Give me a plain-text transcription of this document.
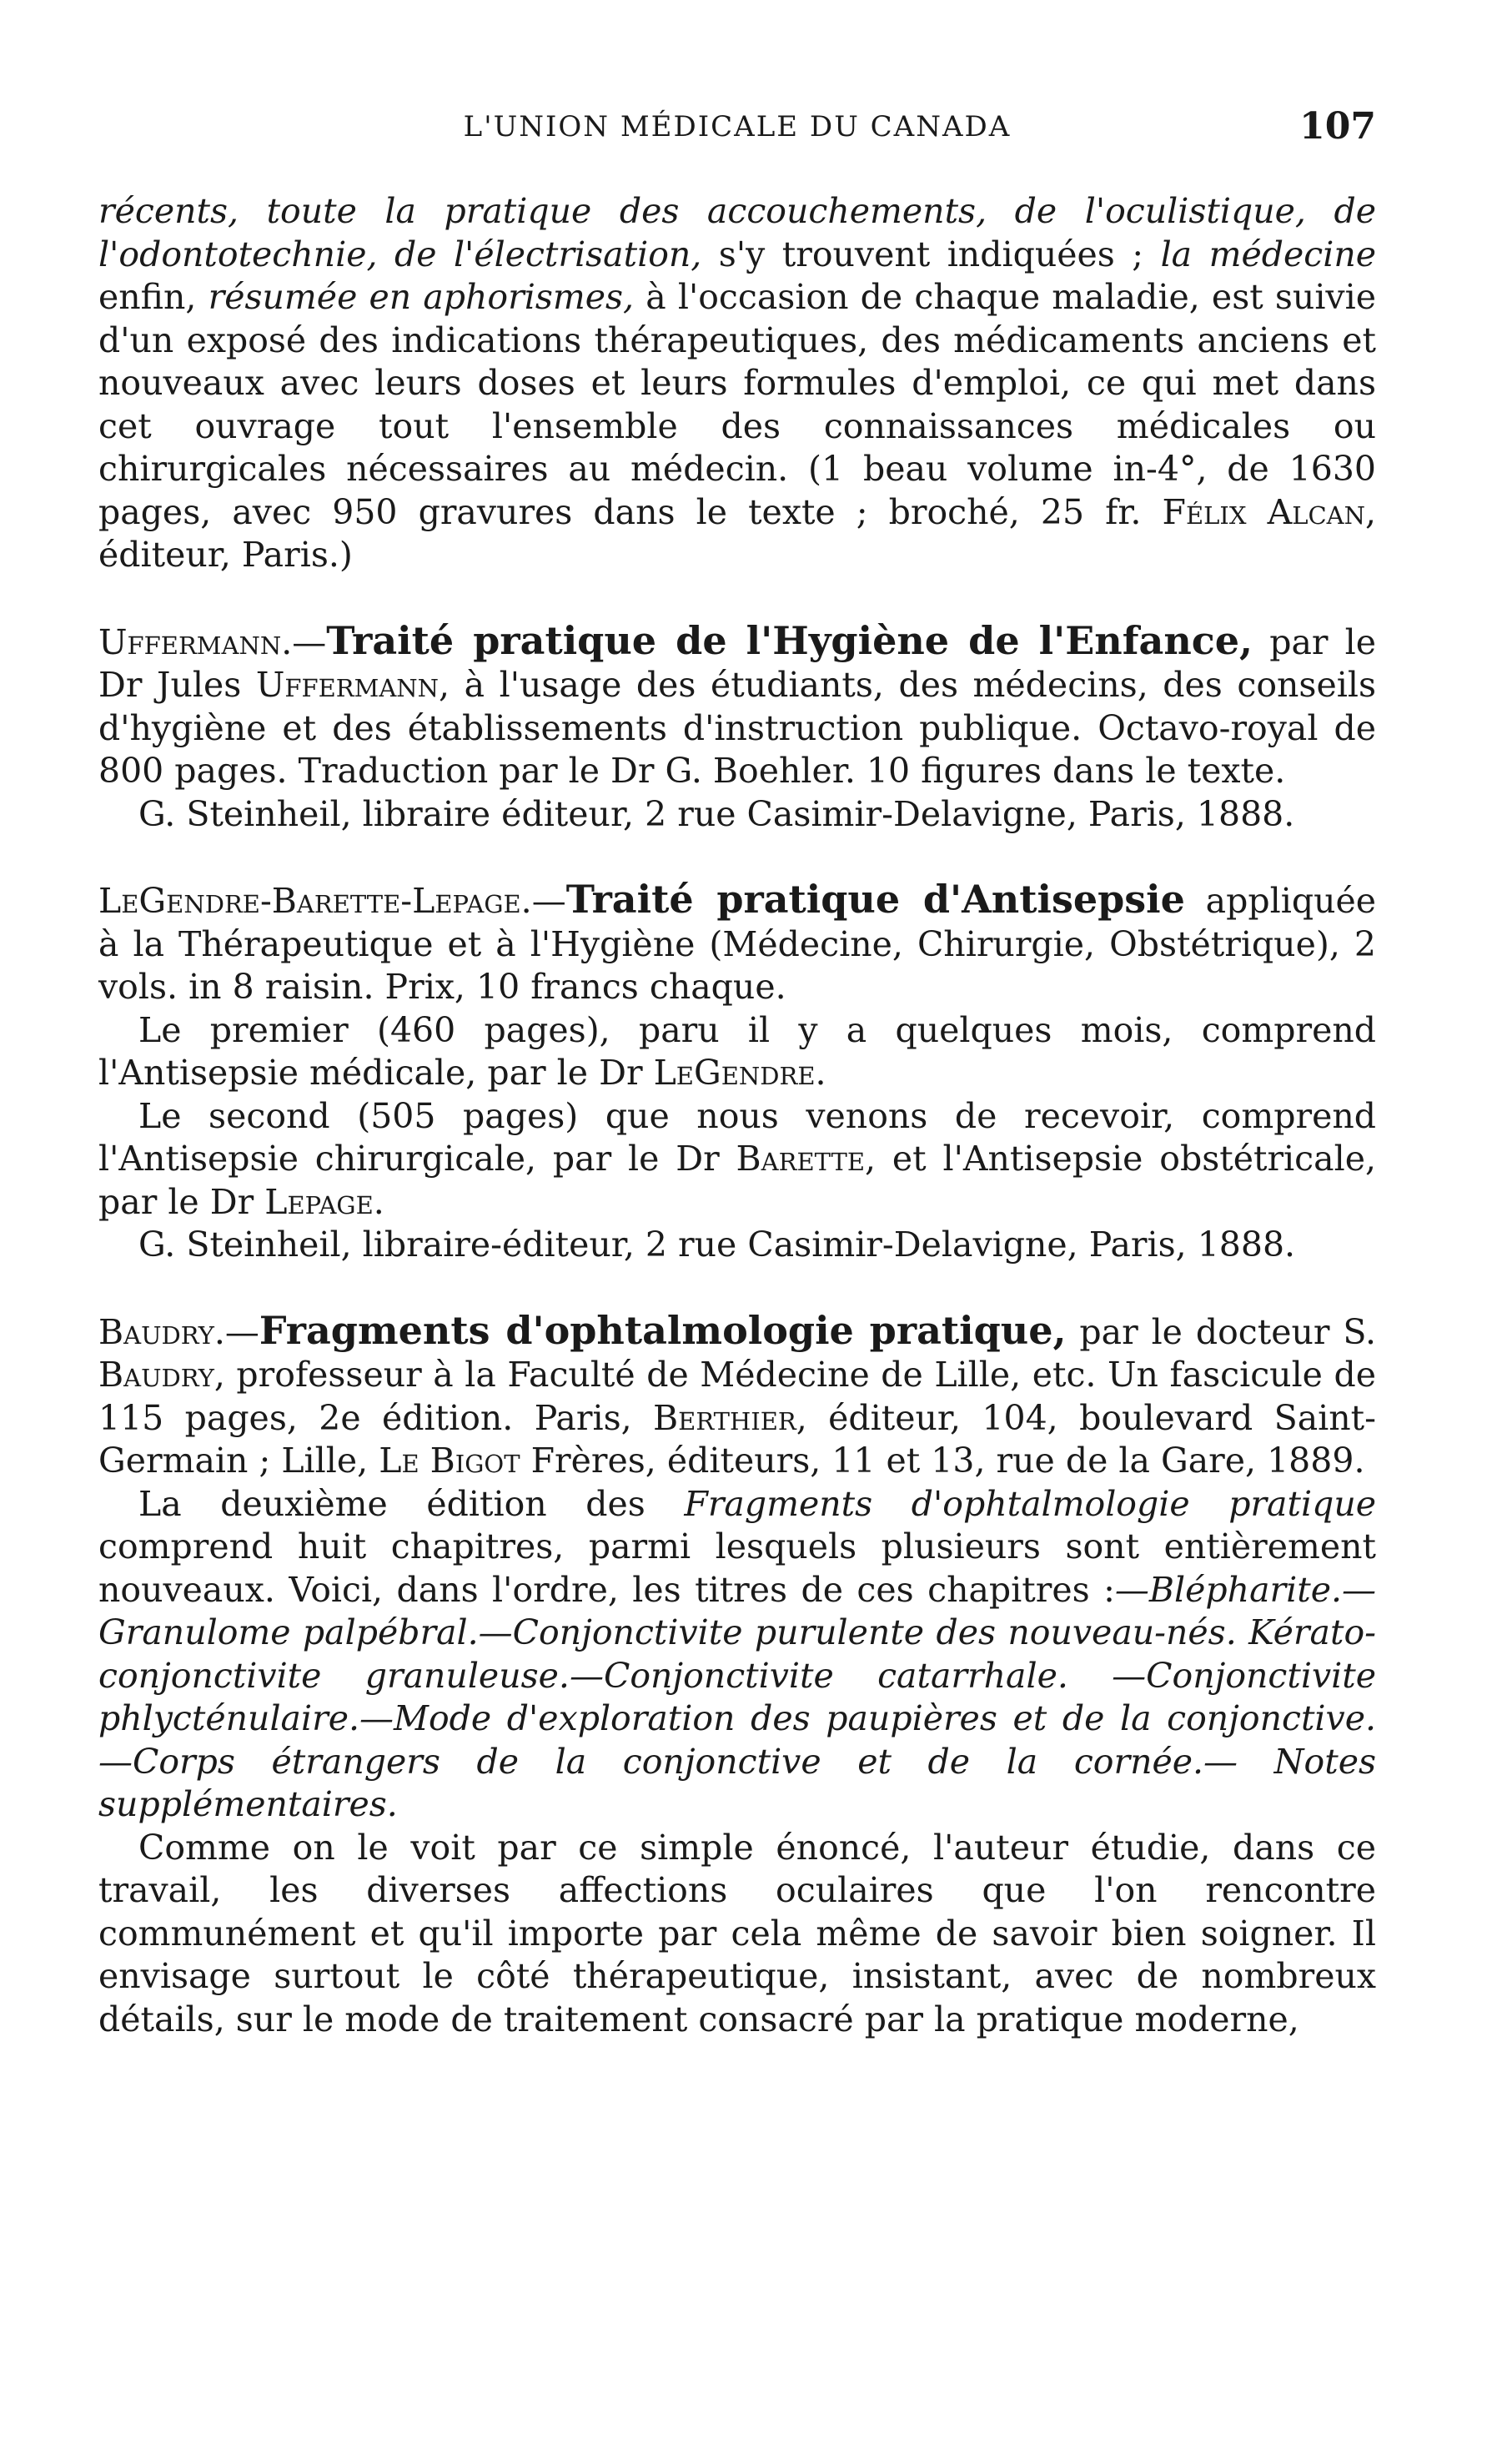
L'UNION MÉDICALE DU CANADA	107

récents, toute la pratique des accouchements, de l'oculistique, de l'odontotechnie, de l'électrisation, s'y trouvent indiquées ; la médecine enfin, résumée en aphorismes, à l'occasion de chaque maladie, est suivie d'un exposé des indications thérapeutiques, des médicaments anciens et nouveaux avec leurs doses et leurs formules d'emploi, ce qui met dans cet ouvrage tout l'ensemble des connaissances médicales ou chirurgicales nécessaires au médecin. (1 beau volume in-4°, de 1630 pages, avec 950 gravures dans le texte ; broché, 25 fr. Félix Alcan, éditeur, Paris.)

Uffermann.—Traité pratique de l'Hygiène de l'Enfance, par le Dr Jules Uffermann, à l'usage des étudiants, des médecins, des conseils d'hygiène et des établissements d'instruction publique. Octavo-royal de 800 pages. Traduction par le Dr G. Boehler. 10 figures dans le texte.

G. Steinheil, libraire éditeur, 2 rue Casimir-Delavigne, Paris, 1888.

LeGendre-Barette-Lepage.—Traité pratique d'Antisepsie appliquée à la Thérapeutique et à l'Hygiène (Médecine, Chirurgie, Obstétrique), 2 vols. in 8 raisin. Prix, 10 francs chaque.

Le premier (460 pages), paru il y a quelques mois, comprend l'Antisepsie médicale, par le Dr LeGendre.

Le second (505 pages) que nous venons de recevoir, comprend l'Antisepsie chirurgicale, par le Dr Barette, et l'Antisepsie obstétricale, par le Dr Lepage.

G. Steinheil, libraire-éditeur, 2 rue Casimir-Delavigne, Paris, 1888.

Baudry.—Fragments d'ophtalmologie pratique, par le docteur S. Baudry, professeur à la Faculté de Médecine de Lille, etc. Un fascicule de 115 pages, 2e édition. Paris, Berthier, éditeur, 104, boulevard Saint-Germain ; Lille, Le Bigot Frères, éditeurs, 11 et 13, rue de la Gare, 1889.

La deuxième édition des Fragments d'ophtalmologie pratique comprend huit chapitres, parmi lesquels plusieurs sont entièrement nouveaux. Voici, dans l'ordre, les titres de ces chapitres :—Blépharite.—Granulome palpébral.—Conjonctivite purulente des nouveau-nés. Kérato-conjonctivite granuleuse.—Conjonctivite catarrhale. —Conjonctivite phlycténulaire.—Mode d'exploration des paupières et de la conjonctive.—Corps étrangers de la conjonctive et de la cornée.— Notes supplémentaires.

Comme on le voit par ce simple énoncé, l'auteur étudie, dans ce travail, les diverses affections oculaires que l'on rencontre communément et qu'il importe par cela même de savoir bien soigner. Il envisage surtout le côté thérapeutique, insistant, avec de nombreux détails, sur le mode de traitement consacré par la pratique moderne,
